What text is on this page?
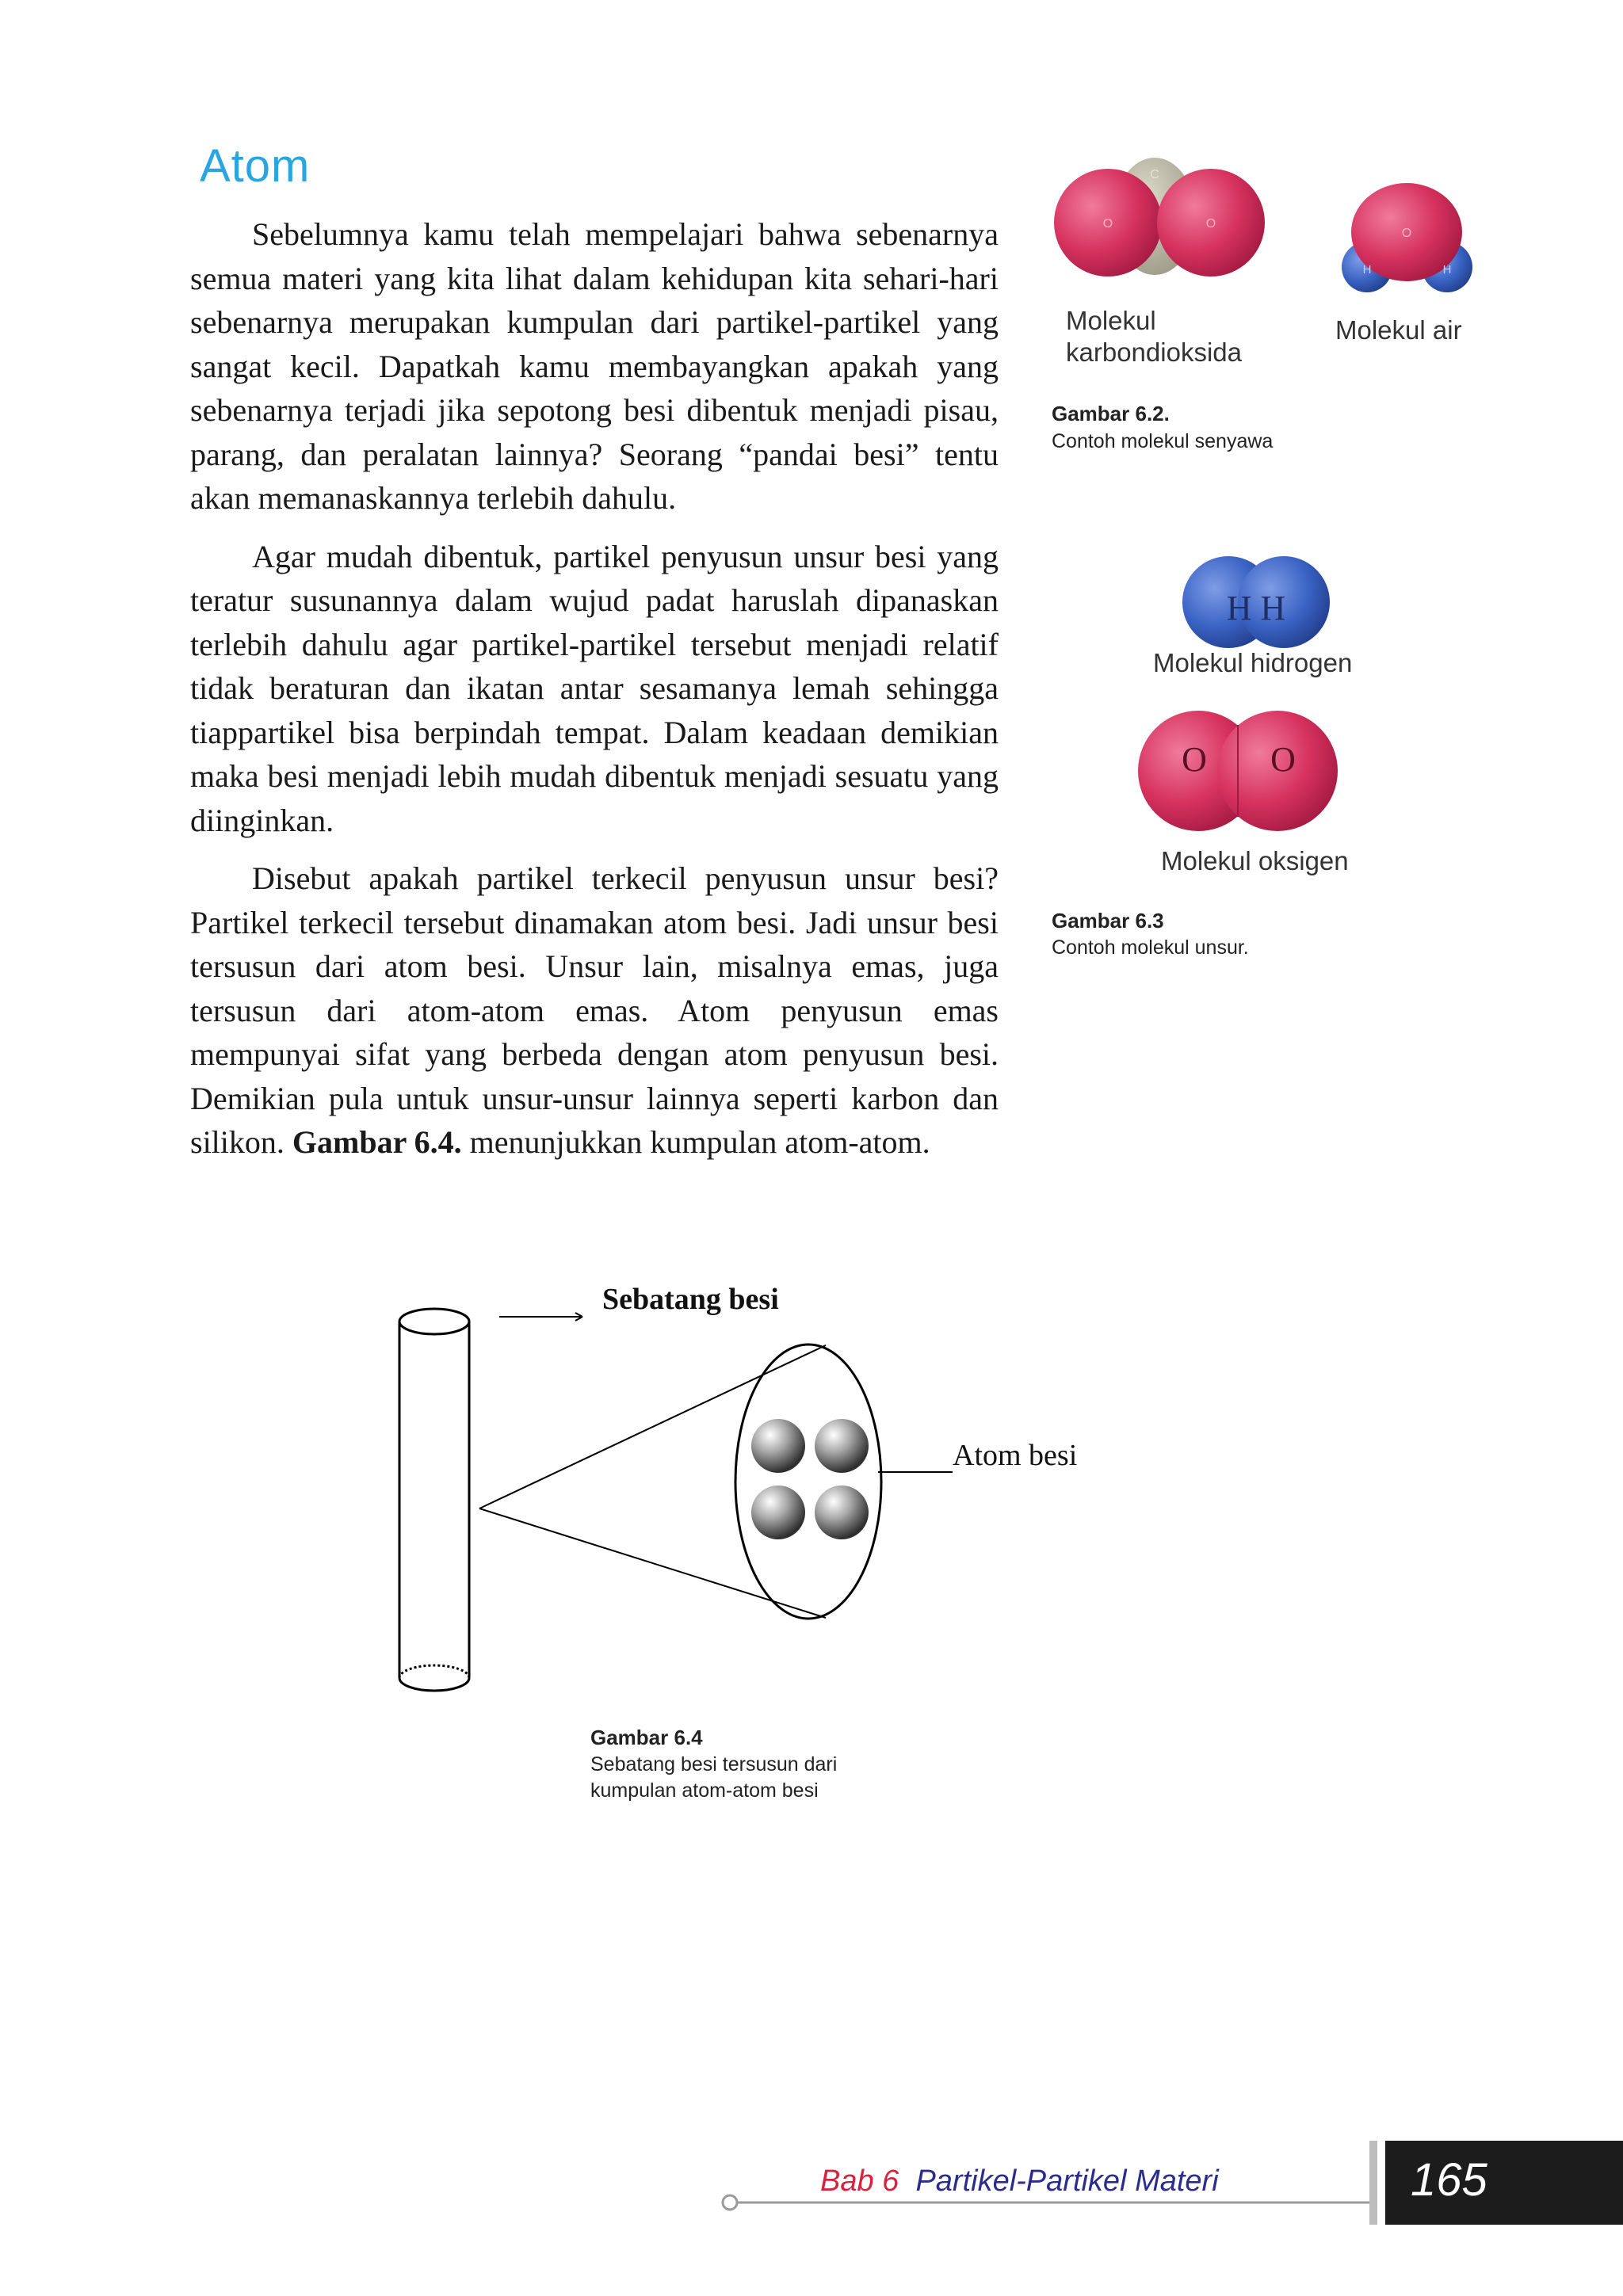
Atom

Sebelumnya kamu telah mempelajari bahwa sebenarnya semua materi yang kita lihat dalam kehidupan kita sehari-hari sebenarnya merupakan kumpulan dari partikel-partikel yang sangat kecil. Dapatkah kamu membayangkan apakah yang sebenarnya terjadi jika sepotong besi dibentuk menjadi pisau, parang, dan peralatan lainnya? Seorang “pandai besi” tentu akan memanaskannya terlebih dahulu.

Agar mudah dibentuk, partikel penyusun unsur besi yang teratur susunannya dalam wujud padat haruslah dipanaskan terlebih dahulu agar partikel-partikel tersebut menjadi relatif tidak beraturan dan ikatan antar sesamanya lemah sehingga tiappartikel bisa berpindah tempat. Dalam keadaan demikian maka besi menjadi lebih mudah dibentuk menjadi sesuatu yang diinginkan.

Disebut apakah partikel terkecil penyusun unsur besi? Partikel terkecil tersebut dinamakan atom besi. Jadi unsur besi tersusun dari atom besi. Unsur lain, misalnya emas, juga tersusun dari atom-atom emas. Atom penyusun emas mempunyai sifat yang berbeda dengan atom penyusun besi. Demikian pula untuk unsur-unsur lainnya seperti karbon dan silikon. Gambar 6.4. menunjukkan kumpulan atom-atom.

O
C
O
H
O
H
Molekul
karbondioksida
Molekul air
Gambar 6.2.
Contoh molekul senyawa
H H
Molekul hidrogen
O O
Molekul oksigen
Gambar 6.3
Contoh molekul unsur.
Sebatang besi
Atom besi
Gambar 6.4
Sebatang besi tersusun dari
kumpulan atom-atom besi
Bab 6 Partikel-Partikel Materi	165
